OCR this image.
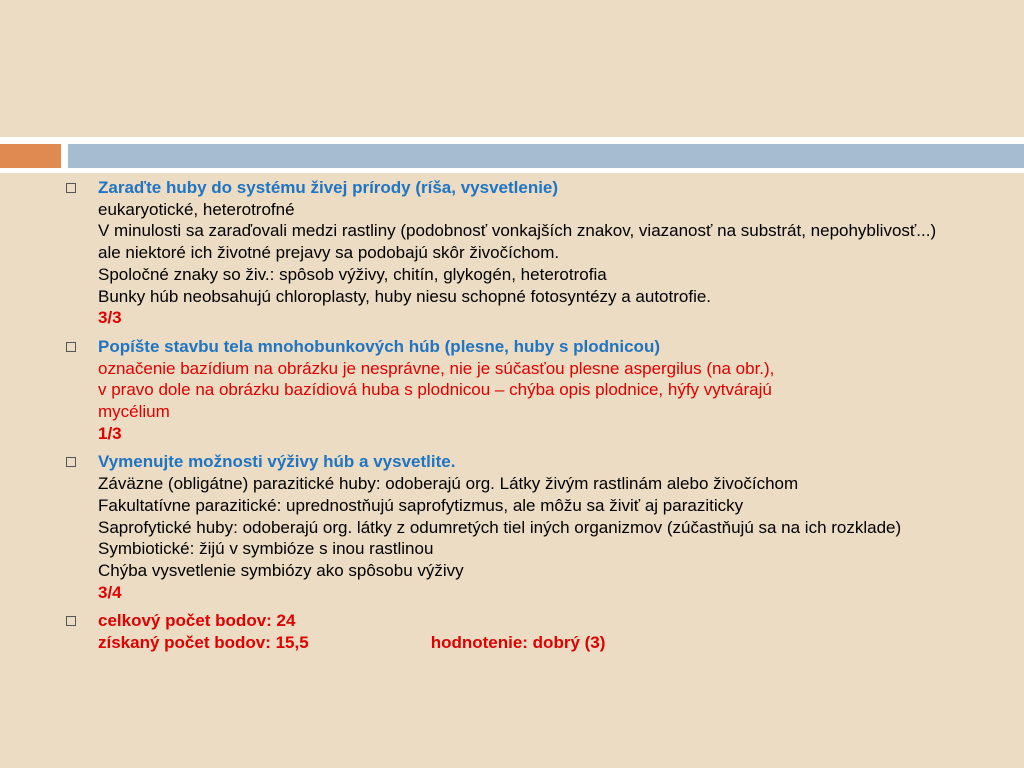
Zaraďte huby do systému živej prírody (ríša, vysvetlenie)
eukaryotické, heterotrofné
V minulosti sa zaraďovali medzi rastliny (podobnosť vonkajších znakov, viazanosť na substrát, nepohyblivosť...) ale niektoré ich životné prejavy sa podobajú skôr živočíchom.
Spoločné znaky so živ.: spôsob výživy, chitín, glykogén, heterotrofia
Bunky húb neobsahujú chloroplasty, huby niesu schopné fotosyntézy a autotrofie.
3/3
Popíšte stavbu tela mnohobunkových húb (plesne, huby s plodnicou)
označenie bazídium na obrázku je nesprávne, nie je súčasťou plesne aspergilus (na obr.),
v pravo dole na obrázku bazídiová huba s plodnicou – chýba opis plodnice, hýfy vytvárajú
mycélium
1/3
Vymenujte možnosti výživy húb a vysvetlite.
Záväzne (obligátne) parazitické huby: odoberajú org. Látky živým rastlinám alebo živočíchom
Fakultatívne parazitické: uprednostňujú saprofytizmus, ale môžu sa živiť aj paraziticky
Saprofytické huby: odoberajú org. látky z odumretých tiel iných organizmov (zúčastňujú sa na ich rozklade)
Symbiotické: žijú v symbióze s inou rastlinou
Chýba vysvetlenie symbiózy ako spôsobu výživy
3/4
celkový počet bodov: 24
získaný počet bodov: 15,5	hodnotenie: dobrý (3)
